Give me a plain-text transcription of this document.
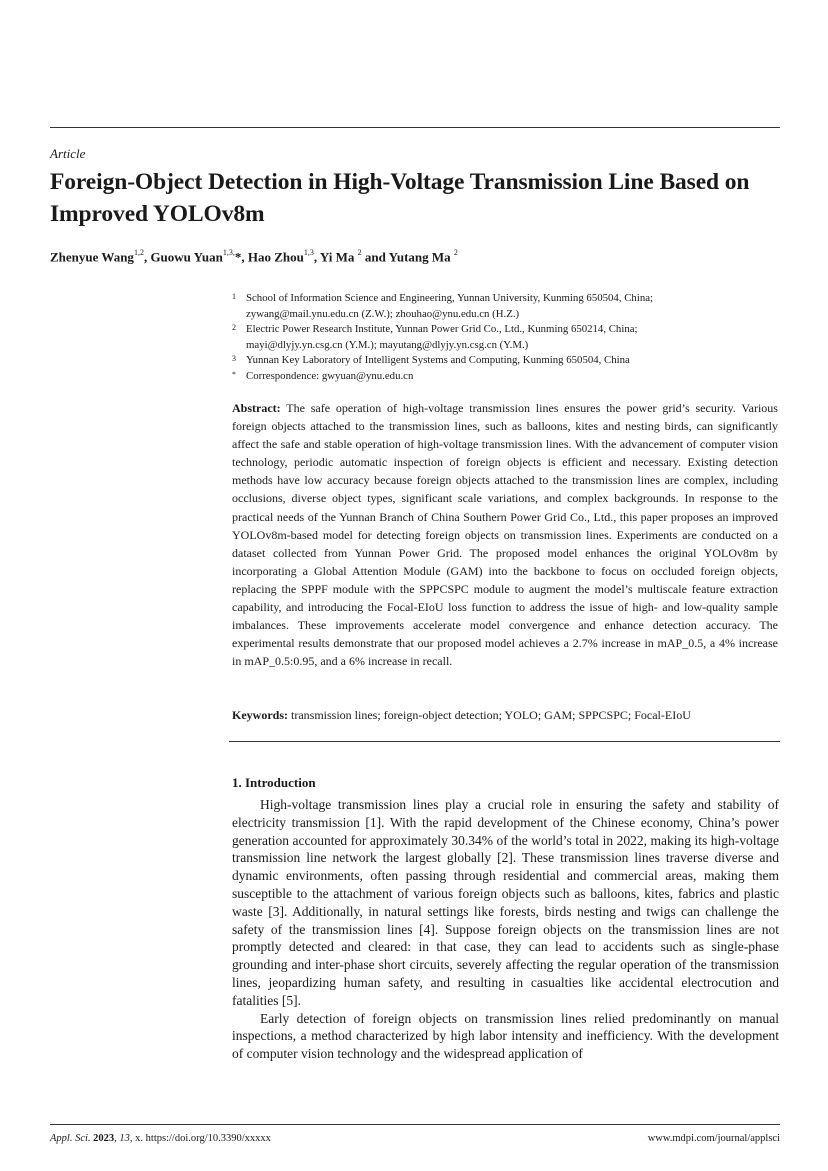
Article
Foreign-Object Detection in High-Voltage Transmission Line Based on Improved YOLOv8m
Zhenyue Wang$^{1,2}$, Guowu Yuan$^{1,3,}$*, Hao Zhou$^{1,3}$, Yi Ma $^2$ and Yutang Ma $^2$
1 School of Information Science and Engineering, Yunnan University, Kunming 650504, China;
zywang@mail.ynu.edu.cn (Z.W.); zhouhao@ynu.edu.cn (H.Z.)
2 Electric Power Research Institute, Yunnan Power Grid Co., Ltd., Kunming 650214, China;
mayi@dlyjy.yn.csg.cn (Y.M.); mayutang@dlyjy.yn.csg.cn (Y.M.)
3 Yunnan Key Laboratory of Intelligent Systems and Computing, Kunming 650504, China
* Correspondence: gwyuan@ynu.edu.cn

Abstract: The safe operation of high-voltage transmission lines ensures the power grid’s security. Various foreign objects attached to the transmission lines, such as balloons, kites and nesting birds, can significantly affect the safe and stable operation of high-voltage transmission lines. With the advancement of computer vision technology, periodic automatic inspection of foreign objects is efficient and necessary. Existing detection methods have low accuracy because foreign objects attached to the transmission lines are complex, including occlusions, diverse object types, significant scale variations, and complex backgrounds. In response to the practical needs of the Yunnan Branch of China Southern Power Grid Co., Ltd., this paper proposes an improved YOLOv8m-based model for detecting foreign objects on transmission lines. Experiments are conducted on a dataset collected from Yunnan Power Grid. The proposed model enhances the original YOLOv8m by incorporating a Global Attention Module (GAM) into the backbone to focus on occluded foreign objects, replacing the SPPF module with the SPPCSPC module to augment the model’s multiscale feature extraction capability, and introducing the Focal-EIoU loss function to address the issue of high- and low-quality sample imbalances. These improvements accelerate model convergence and enhance detection accuracy. The experimental results demonstrate that our proposed model achieves a 2.7% increase in mAP_0.5, a 4% increase in mAP_0.5:0.95, and a 6% increase in recall.

Keywords: transmission lines; foreign-object detection; YOLO; GAM; SPPCSPC; Focal-EIoU
1. Introduction

High-voltage transmission lines play a crucial role in ensuring the safety and stability of electricity transmission [1]. With the rapid development of the Chinese economy, China’s power generation accounted for approximately 30.34% of the world’s total in 2022, making its high-voltage transmission line network the largest globally [2]. These transmission lines traverse diverse and dynamic environments, often passing through residential and commercial areas, making them susceptible to the attachment of various foreign objects such as balloons, kites, fabrics and plastic waste [3]. Additionally, in natural settings like forests, birds nesting and twigs can challenge the safety of the transmission lines [4]. Suppose foreign objects on the transmission lines are not promptly detected and cleared: in that case, they can lead to accidents such as single-phase grounding and inter-phase short circuits, severely affecting the regular operation of the transmission lines, jeopardizing human safety, and resulting in casualties like accidental electrocution and fatalities [5].

Early detection of foreign objects on transmission lines relied predominantly on manual inspections, a method characterized by high labor intensity and inefficiency. With the development of computer vision technology and the widespread application of

Appl. Sci. 2023, 13, x. https://doi.org/10.3390/xxxxx	www.mdpi.com/journal/applsci
